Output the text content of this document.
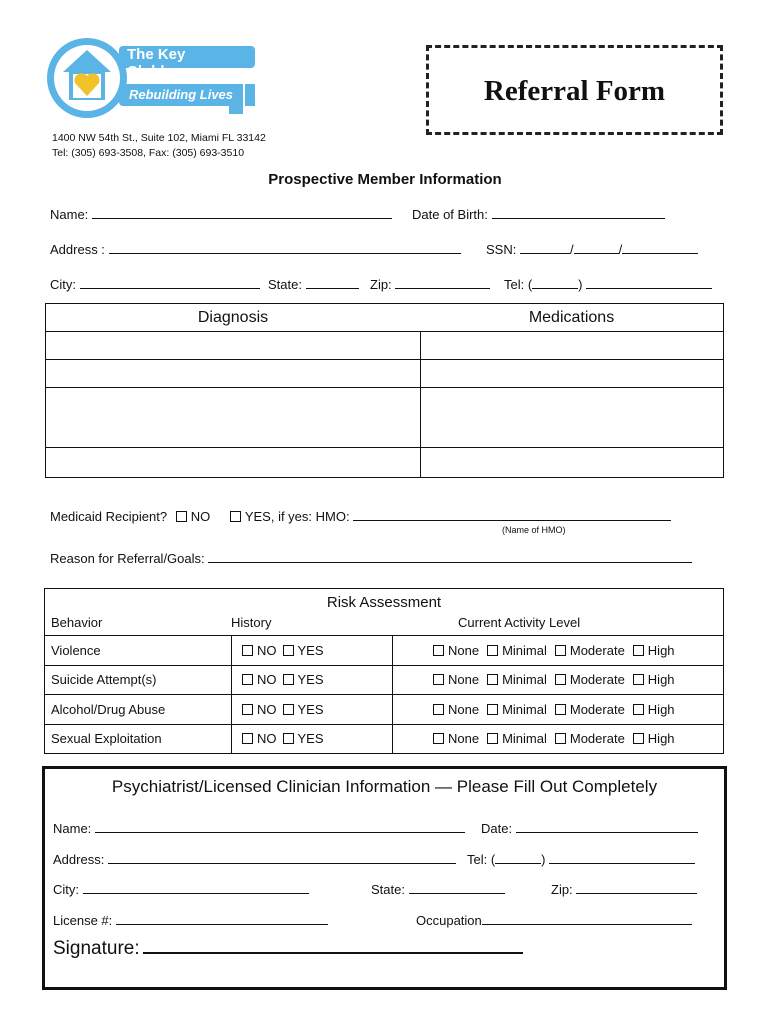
The Key Clubhouse
Rebuilding Lives
1400 NW 54th St., Suite 102, Miami FL 33142
Tel: (305) 693-3508, Fax: (305) 693-3510
Referral Form
Prospective Member Information
Name:	Date of Birth:
Address :	SSN:	/	/
City:	State:	Zip:	Tel: (	)
Diagnosis	Medications

Medicaid Recipient? NO	YES, if yes: HMO:
(Name of HMO)
Reason for Referral/Goals:
Risk Assessment
Behavior	History	Current Activity Level
Violence	NO YES	None Minimal Moderate High
Suicide Attempt(s)	NO YES	None Minimal Moderate High
Alcohol/Drug Abuse	NO YES	None Minimal Moderate High
Sexual Exploitation	NO YES	None Minimal Moderate High
Psychiatrist/Licensed Clinician Information — Please Fill Out Completely
Name:	Date:
Address:	Tel: (	)
City:	State:	Zip:
License #:	Occupation
Signature:
